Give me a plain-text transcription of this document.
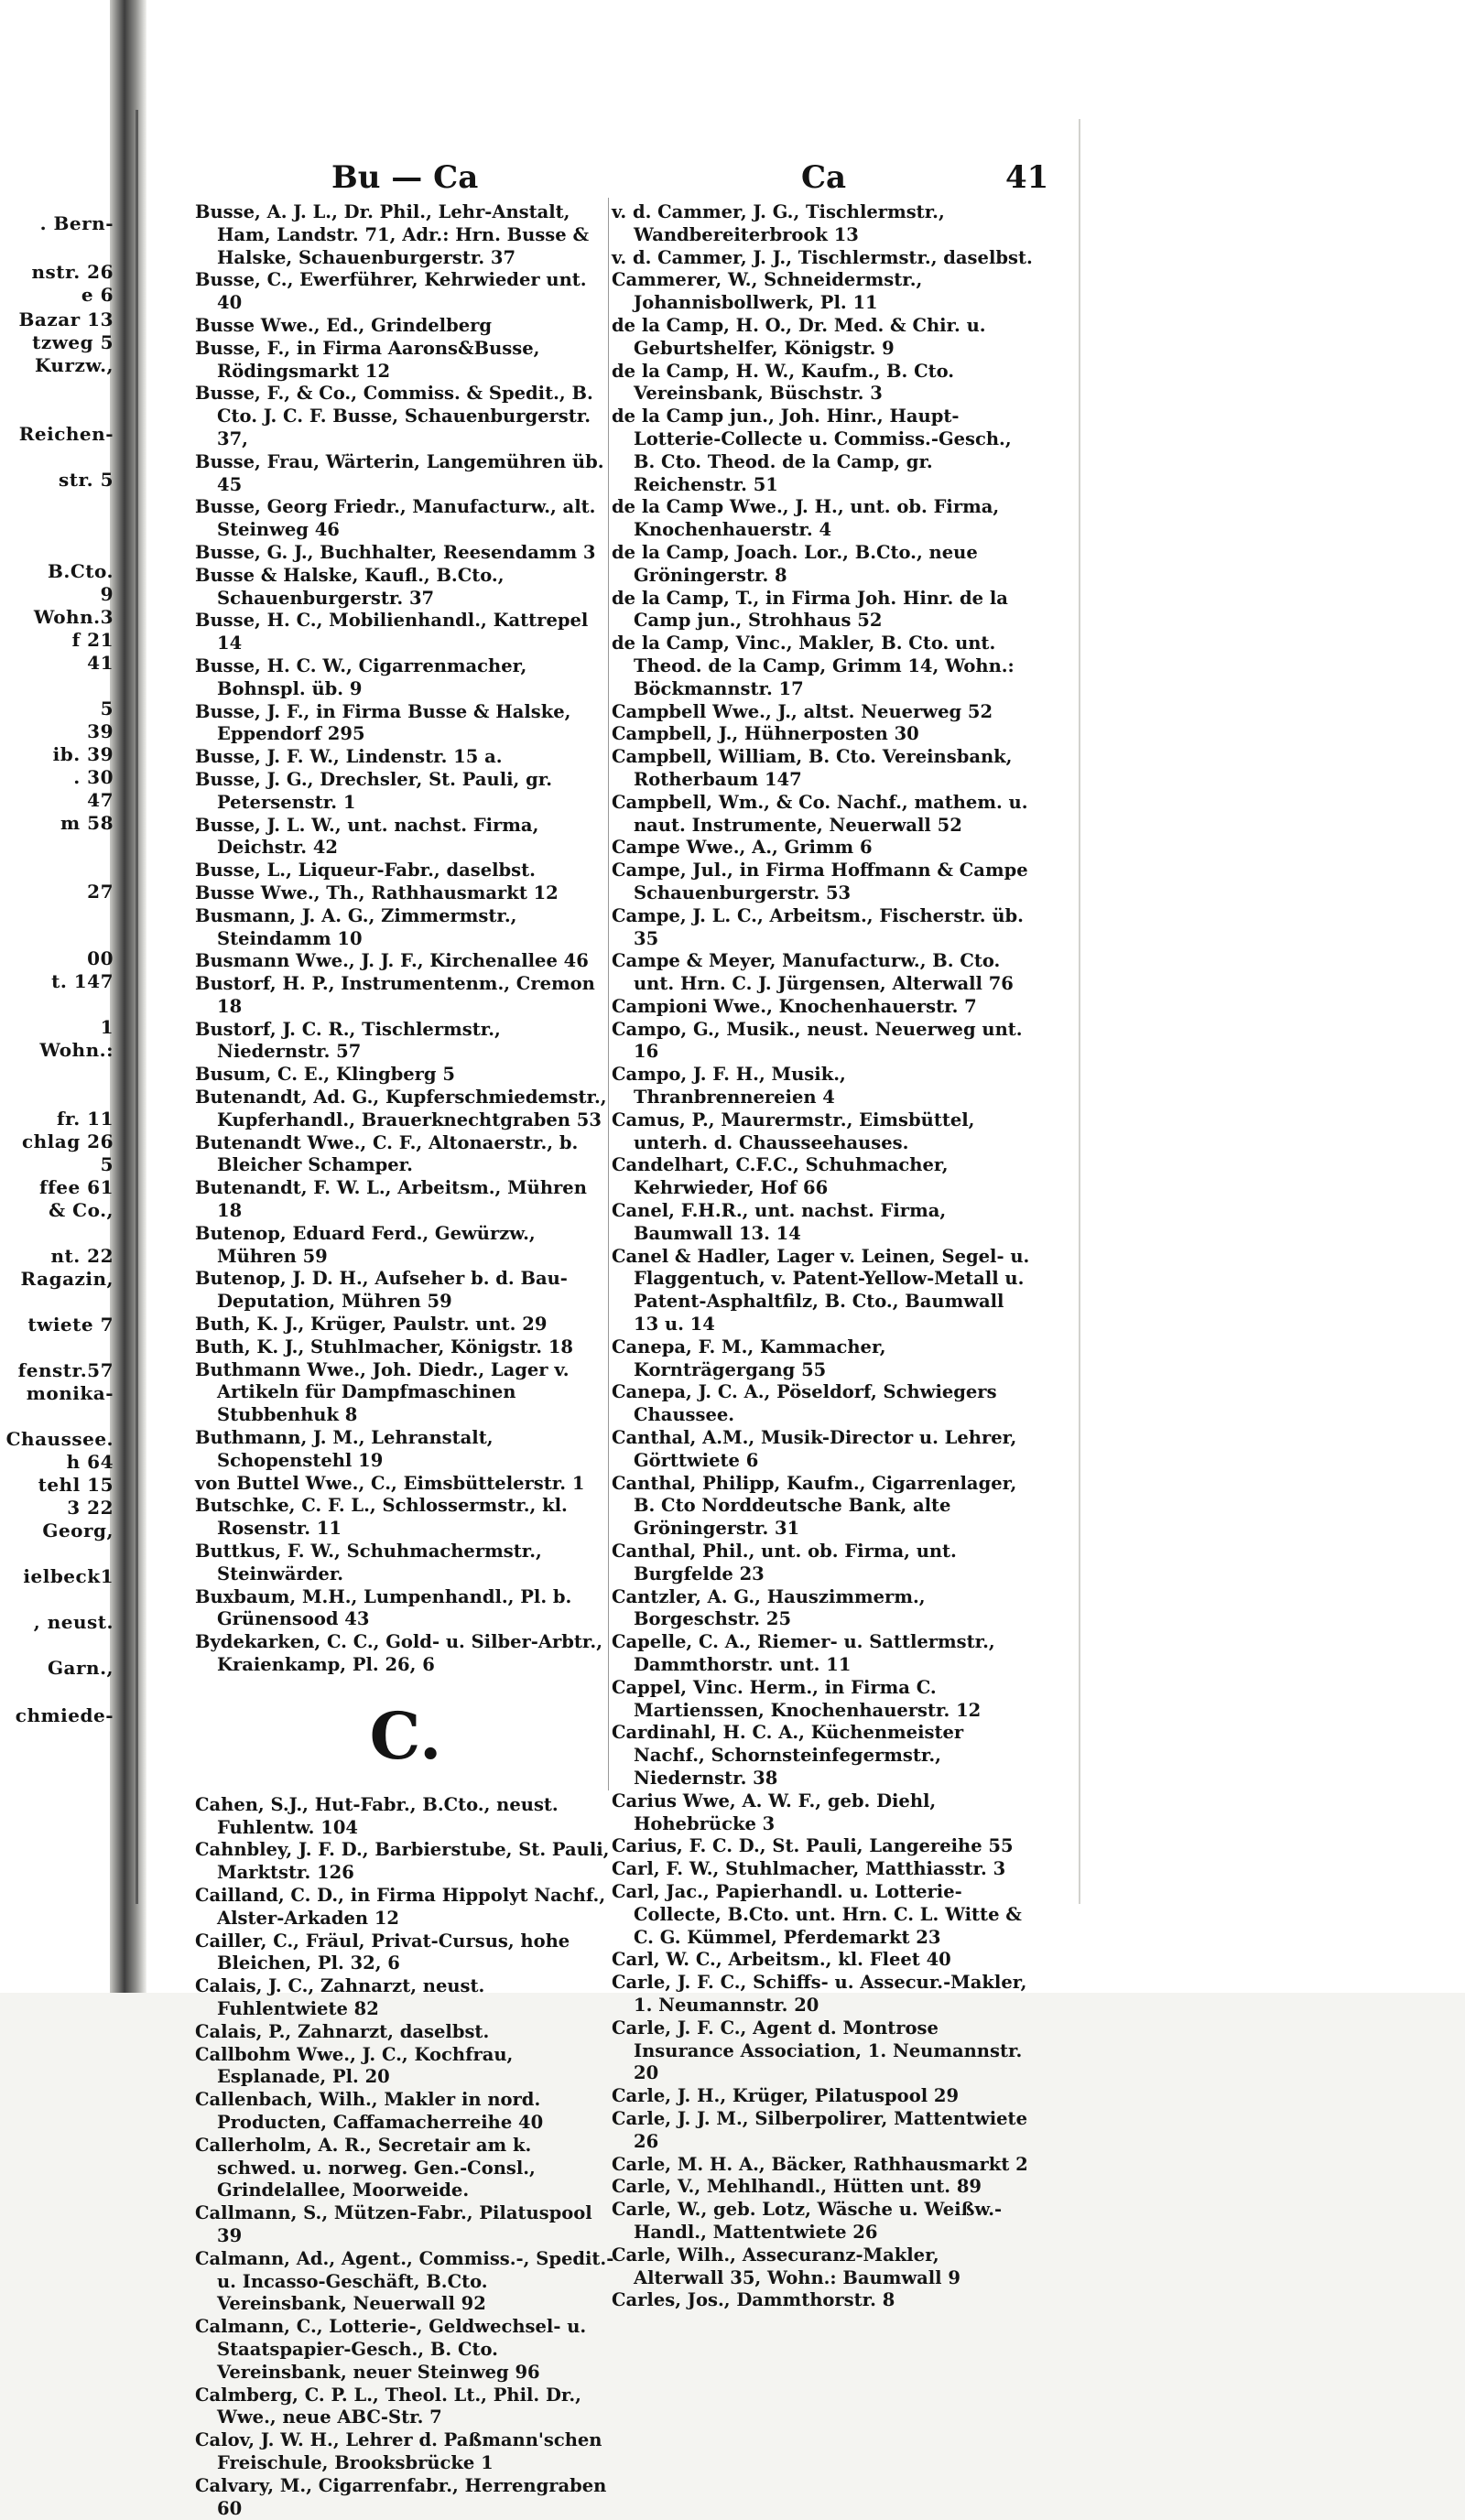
. Bern-
nstr. 26
e 6
Bazar 13
tzweg 5
Kurzw.,
Reichen-
str. 5
B.Cto.
9
Wohn.3
f 21
41
5
39
ib. 39
. 30
47
m 58
27
00
t. 147
1
Wohn.:
fr. 11
chlag 26
5
ffee 61
& Co.,
nt. 22
Ragazin,
twiete 7
fenstr.57
monika-
Chaussee.
h 64
tehl 15
3 22
Georg,
ielbeck1
, neust.
Garn.,
chmiede-
Bu — Ca	Ca	41

Busse, A. J. L., Dr. Phil., Lehr-Anstalt, Ham, Landstr. 71, Adr.: Hrn. Busse & Halske, Schauenburgerstr. 37

Busse, C., Ewerführer, Kehrwieder unt. 40

Busse Wwe., Ed., Grindelberg

Busse, F., in Firma Aarons&Busse, Rödingsmarkt 12

Busse, F., & Co., Commiss. & Spedit., B. Cto. J. C. F. Busse, Schauenburgerstr. 37,

Busse, Frau, Wärterin, Langemühren üb. 45

Busse, Georg Friedr., Manufacturw., alt. Steinweg 46

Busse, G. J., Buchhalter, Reesendamm 3

Busse & Halske, Kaufl., B.Cto., Schauenburgerstr. 37

Busse, H. C., Mobilienhandl., Kattrepel 14

Busse, H. C. W., Cigarrenmacher, Bohnspl. üb. 9

Busse, J. F., in Firma Busse & Halske, Eppendorf 295

Busse, J. F. W., Lindenstr. 15 a.

Busse, J. G., Drechsler, St. Pauli, gr. Petersenstr. 1

Busse, J. L. W., unt. nachst. Firma, Deichstr. 42

Busse, L., Liqueur-Fabr., daselbst.

Busse Wwe., Th., Rathhausmarkt 12

Busmann, J. A. G., Zimmermstr., Steindamm 10

Busmann Wwe., J. J. F., Kirchenallee 46

Bustorf, H. P., Instrumentenm., Cremon 18

Bustorf, J. C. R., Tischlermstr., Niedernstr. 57

Busum, C. E., Klingberg 5

Butenandt, Ad. G., Kupferschmiedemstr., Kupferhandl., Brauerknechtgraben 53

Butenandt Wwe., C. F., Altonaerstr., b. Bleicher Schamper.

Butenandt, F. W. L., Arbeitsm., Mühren 18

Butenop, Eduard Ferd., Gewürzw., Mühren 59

Butenop, J. D. H., Aufseher b. d. Bau-Deputation, Mühren 59

Buth, K. J., Krüger, Paulstr. unt. 29

Buth, K. J., Stuhlmacher, Königstr. 18

Buthmann Wwe., Joh. Diedr., Lager v. Artikeln für Dampfmaschinen Stubbenhuk 8

Buthmann, J. M., Lehranstalt, Schopenstehl 19

von Buttel Wwe., C., Eimsbüttelerstr. 1

Butschke, C. F. L., Schlossermstr., kl. Rosenstr. 11

Buttkus, F. W., Schuhmachermstr., Steinwärder.

Buxbaum, M.H., Lumpenhandl., Pl. b. Grünensood 43

Bydekarken, C. C., Gold- u. Silber-Arbtr., Kraienkamp, Pl. 26, 6

C.

Cahen, S.J., Hut-Fabr., B.Cto., neust. Fuhlentw. 104

Cahnbley, J. F. D., Barbierstube, St. Pauli, Marktstr. 126

Cailland, C. D., in Firma Hippolyt Nachf., Alster-Arkaden 12

Cailler, C., Fräul, Privat-Cursus, hohe Bleichen, Pl. 32, 6

Calais, J. C., Zahnarzt, neust. Fuhlentwiete 82

Calais, P., Zahnarzt, daselbst.

Callbohm Wwe., J. C., Kochfrau, Esplanade, Pl. 20

Callenbach, Wilh., Makler in nord. Producten, Caffamacherreihe 40

Callerholm, A. R., Secretair am k. schwed. u. norweg. Gen.-Consl., Grindelallee, Moorweide.

Callmann, S., Mützen-Fabr., Pilatuspool 39

Calmann, Ad., Agent., Commiss.-, Spedit.- u. Incasso-Geschäft, B.Cto. Vereinsbank, Neuerwall 92

Calmann, C., Lotterie-, Geldwechsel- u. Staatspapier-Gesch., B. Cto. Vereinsbank, neuer Steinweg 96

Calmberg, C. P. L., Theol. Lt., Phil. Dr., Wwe., neue ABC-Str. 7

Calov, J. W. H., Lehrer d. Paßmann'schen Freischule, Brooksbrücke 1

Calvary, M., Cigarrenfabr., Herrengraben 60

v. d. Cammer, J. G., Tischlermstr., Wandbereiterbrook 13

v. d. Cammer, J. J., Tischlermstr., daselbst.

Cammerer, W., Schneidermstr., Johannisbollwerk, Pl. 11

de la Camp, H. O., Dr. Med. & Chir. u. Geburtshelfer, Königstr. 9

de la Camp, H. W., Kaufm., B. Cto. Vereinsbank, Büschstr. 3

de la Camp jun., Joh. Hinr., Haupt-Lotterie-Collecte u. Commiss.-Gesch., B. Cto. Theod. de la Camp, gr. Reichenstr. 51

de la Camp Wwe., J. H., unt. ob. Firma, Knochenhauerstr. 4

de la Camp, Joach. Lor., B.Cto., neue Gröningerstr. 8

de la Camp, T., in Firma Joh. Hinr. de la Camp jun., Strohhaus 52

de la Camp, Vinc., Makler, B. Cto. unt. Theod. de la Camp, Grimm 14, Wohn.: Böckmannstr. 17

Campbell Wwe., J., altst. Neuerweg 52

Campbell, J., Hühnerposten 30

Campbell, William, B. Cto. Vereinsbank, Rotherbaum 147

Campbell, Wm., & Co. Nachf., mathem. u. naut. Instrumente, Neuerwall 52

Campe Wwe., A., Grimm 6

Campe, Jul., in Firma Hoffmann & Campe Schauenburgerstr. 53

Campe, J. L. C., Arbeitsm., Fischerstr. üb. 35

Campe & Meyer, Manufacturw., B. Cto. unt. Hrn. C. J. Jürgensen, Alterwall 76

Campioni Wwe., Knochenhauerstr. 7

Campo, G., Musik., neust. Neuerweg unt. 16

Campo, J. F. H., Musik., Thranbrennereien 4

Camus, P., Maurermstr., Eimsbüttel, unterh. d. Chausseehauses.

Candelhart, C.F.C., Schuhmacher, Kehrwieder, Hof 66

Canel, F.H.R., unt. nachst. Firma, Baumwall 13. 14

Canel & Hadler, Lager v. Leinen, Segel- u. Flaggentuch, v. Patent-Yellow-Metall u. Patent-Asphaltfilz, B. Cto., Baumwall 13 u. 14

Canepa, F. M., Kammacher, Kornträgergang 55

Canepa, J. C. A., Pöseldorf, Schwiegers Chaussee.

Canthal, A.M., Musik-Director u. Lehrer, Görttwiete 6

Canthal, Philipp, Kaufm., Cigarrenlager, B. Cto Norddeutsche Bank, alte Gröningerstr. 31

Canthal, Phil., unt. ob. Firma, unt. Burgfelde 23

Cantzler, A. G., Hauszimmerm., Borgeschstr. 25

Capelle, C. A., Riemer- u. Sattlermstr., Dammthorstr. unt. 11

Cappel, Vinc. Herm., in Firma C. Martienssen, Knochenhauerstr. 12

Cardinahl, H. C. A., Küchenmeister Nachf., Schornsteinfegermstr., Niedernstr. 38

Carius Wwe, A. W. F., geb. Diehl, Hohebrücke 3

Carius, F. C. D., St. Pauli, Langereihe 55

Carl, F. W., Stuhlmacher, Matthiasstr. 3

Carl, Jac., Papierhandl. u. Lotterie-Collecte, B.Cto. unt. Hrn. C. L. Witte & C. G. Kümmel, Pferdemarkt 23

Carl, W. C., Arbeitsm., kl. Fleet 40

Carle, J. F. C., Schiffs- u. Assecur.-Makler, 1. Neumannstr. 20

Carle, J. F. C., Agent d. Montrose Insurance Association, 1. Neumannstr. 20

Carle, J. H., Krüger, Pilatuspool 29

Carle, J. J. M., Silberpolirer, Mattentwiete 26

Carle, M. H. A., Bäcker, Rathhausmarkt 2

Carle, V., Mehlhandl., Hütten unt. 89

Carle, W., geb. Lotz, Wäsche u. Weißw.-Handl., Mattentwiete 26

Carle, Wilh., Assecuranz-Makler, Alterwall 35, Wohn.: Baumwall 9

Carles, Jos., Dammthorstr. 8
